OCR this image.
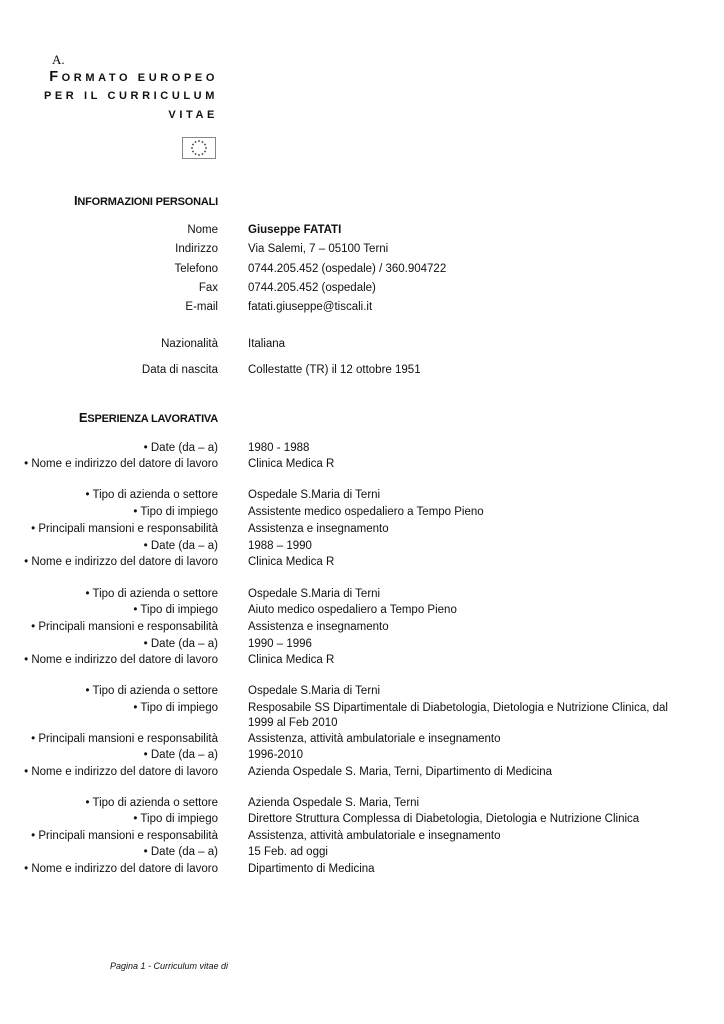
A.
FORMATO EUROPEO
PER IL CURRICULUM
VITAE
INFORMAZIONI PERSONALI
Nome	Giuseppe FATATI
Indirizzo	Via Salemi, 7 – 05100 Terni
Telefono	0744.205.452 (ospedale) / 360.904722
Fax	0744.205.452 (ospedale)
E-mail	fatati.giuseppe@tiscali.it
Nazionalità	Italiana
Data di nascita	Collestatte (TR) il 12 ottobre 1951
ESPERIENZA LAVORATIVA
• Date (da – a)	1980 - 1988
• Nome e indirizzo del datore di lavoro	Clinica Medica R
• Tipo di azienda o settore	Ospedale S.Maria di Terni
• Tipo di impiego	Assistente medico ospedaliero a Tempo Pieno
• Principali mansioni e responsabilità	Assistenza e insegnamento
• Date (da – a)	1988 – 1990
• Nome e indirizzo del datore di lavoro	Clinica Medica R
• Tipo di azienda o settore	Ospedale S.Maria di Terni
• Tipo di impiego	Aiuto medico ospedaliero a Tempo Pieno
• Principali mansioni e responsabilità	Assistenza e insegnamento
• Date (da – a)	1990 – 1996
• Nome e indirizzo del datore di lavoro	Clinica Medica R
• Tipo di azienda o settore	Ospedale S.Maria di Terni
• Tipo di impiego	Resposabile SS Dipartimentale di Diabetologia, Dietologia e Nutrizione Clinica, dal 1999 al Feb 2010
• Principali mansioni e responsabilità	Assistenza, attività ambulatoriale e insegnamento
• Date (da – a)	1996-2010
• Nome e indirizzo del datore di lavoro	Azienda Ospedale S. Maria, Terni, Dipartimento di Medicina
• Tipo di azienda o settore	Azienda Ospedale S. Maria, Terni
• Tipo di impiego	Direttore Struttura Complessa di Diabetologia, Dietologia e Nutrizione Clinica
• Principali mansioni e responsabilità	Assistenza, attività ambulatoriale e insegnamento
• Date (da – a)	15 Feb. ad oggi
• Nome e indirizzo del datore di lavoro	Dipartimento di Medicina
Pagina 1 - Curriculum vitae di
